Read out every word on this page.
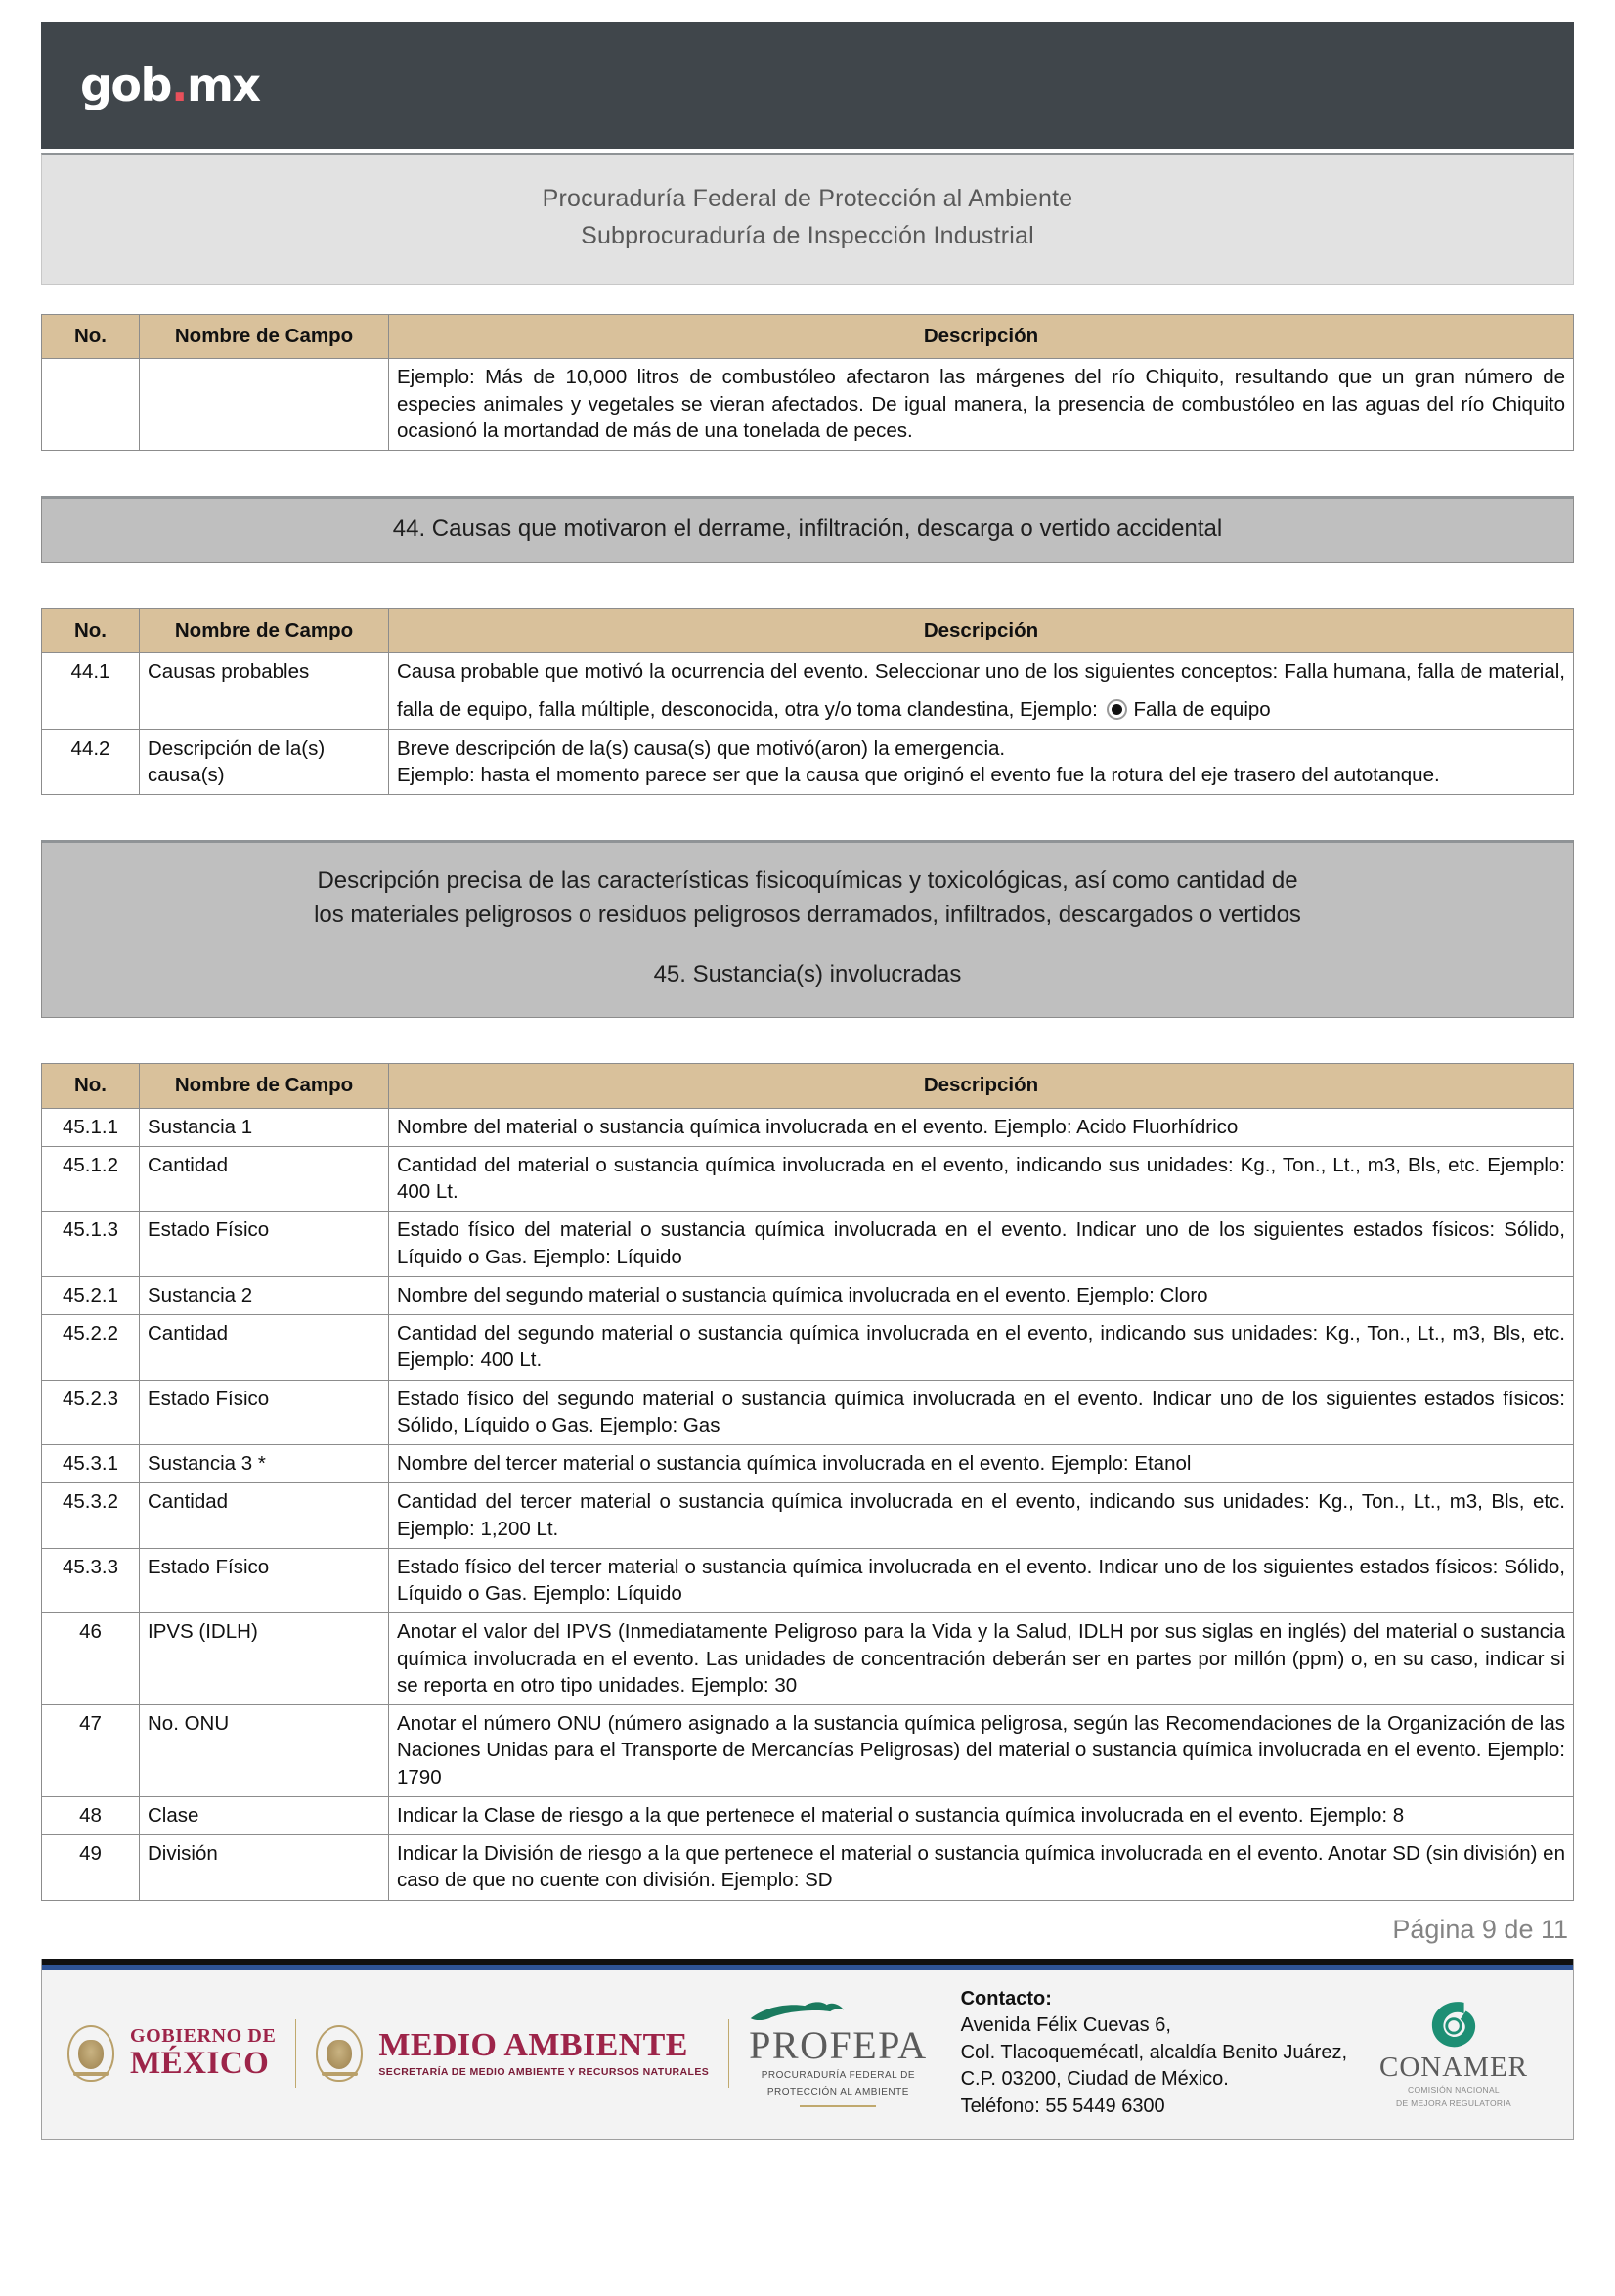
gob.mx
Procuraduría Federal de Protección al Ambiente
Subprocuraduría de Inspección Industrial
No.	Nombre de Campo	Descripción
		Ejemplo: Más de 10,000 litros de combustóleo afectaron las márgenes del río Chiquito, resultando que un gran número de especies animales y vegetales se vieran afectados. De igual manera, la presencia de combustóleo en las aguas del río Chiquito ocasionó la mortandad de más de una tonelada de peces.
44. Causas que motivaron el derrame, infiltración, descarga o vertido accidental
No.	Nombre de Campo	Descripción
44.1	Causas probables	Causa probable que motivó la ocurrencia del evento. Seleccionar uno de los siguientes conceptos: Falla humana, falla de material, falla de equipo, falla múltiple, desconocida, otra y/o toma clandestina, Ejemplo: Falla de equipo
44.2	Descripción de la(s) causa(s)	Breve descripción de la(s) causa(s) que motivó(aron) la emergencia.
Ejemplo: hasta el momento parece ser que la causa que originó el evento fue la rotura del eje trasero del autotanque.
Descripción precisa de las características fisicoquímicas y toxicológicas, así como cantidad de
los materiales peligrosos o residuos peligrosos derramados, infiltrados, descargados o vertidos
45. Sustancia(s) involucradas
No.	Nombre de Campo	Descripción
45.1.1	Sustancia 1	Nombre del material o sustancia química involucrada en el evento. Ejemplo: Acido Fluorhídrico
45.1.2	Cantidad	Cantidad del material o sustancia química involucrada en el evento, indicando sus unidades: Kg., Ton., Lt., m3, Bls, etc. Ejemplo: 400 Lt.
45.1.3	Estado Físico	Estado físico del material o sustancia química involucrada en el evento. Indicar uno de los siguientes estados físicos: Sólido, Líquido o Gas. Ejemplo: Líquido
45.2.1	Sustancia 2	Nombre del segundo material o sustancia química involucrada en el evento. Ejemplo: Cloro
45.2.2	Cantidad	Cantidad del segundo material o sustancia química involucrada en el evento, indicando sus unidades: Kg., Ton., Lt., m3, Bls, etc. Ejemplo: 400 Lt.
45.2.3	Estado Físico	Estado físico del segundo material o sustancia química involucrada en el evento. Indicar uno de los siguientes estados físicos: Sólido, Líquido o Gas. Ejemplo: Gas
45.3.1	Sustancia 3 *	Nombre del tercer material o sustancia química involucrada en el evento. Ejemplo: Etanol
45.3.2	Cantidad	Cantidad del tercer material o sustancia química involucrada en el evento, indicando sus unidades: Kg., Ton., Lt., m3, Bls, etc. Ejemplo: 1,200 Lt.
45.3.3	Estado Físico	Estado físico del tercer material o sustancia química involucrada en el evento. Indicar uno de los siguientes estados físicos: Sólido, Líquido o Gas. Ejemplo: Líquido
46	IPVS (IDLH)	Anotar el valor del IPVS (Inmediatamente Peligroso para la Vida y la Salud, IDLH por sus siglas en inglés) del material o sustancia química involucrada en el evento. Las unidades de concentración deberán ser en partes por millón (ppm) o, en su caso, indicar si se reporta en otro tipo unidades. Ejemplo: 30
47	No. ONU	Anotar el número ONU (número asignado a la sustancia química peligrosa, según las Recomendaciones de la Organización de las Naciones Unidas para el Transporte de Mercancías Peligrosas) del material o sustancia química involucrada en el evento. Ejemplo: 1790
48	Clase	Indicar la Clase de riesgo a la que pertenece el material o sustancia química involucrada en el evento. Ejemplo: 8
49	División	Indicar la División de riesgo a la que pertenece el material o sustancia química involucrada en el evento. Anotar SD (sin división) en caso de que no cuente con división. Ejemplo: SD
Página 9 de 11
GOBIERNO DE
MÉXICO	MEDIO AMBIENTE
SECRETARÍA DE MEDIO AMBIENTE Y RECURSOS NATURALES
PROFEPA
PROCURADURÍA FEDERAL DE
PROTECCIÓN AL AMBIENTE
Contacto:
Avenida Félix Cuevas 6,
Col. Tlacoquemécatl, alcaldía Benito Juárez,
C.P. 03200, Ciudad de México.
Teléfono: 55 5449 6300
CONAMER
COMISIÓN NACIONAL
DE MEJORA REGULATORIA
